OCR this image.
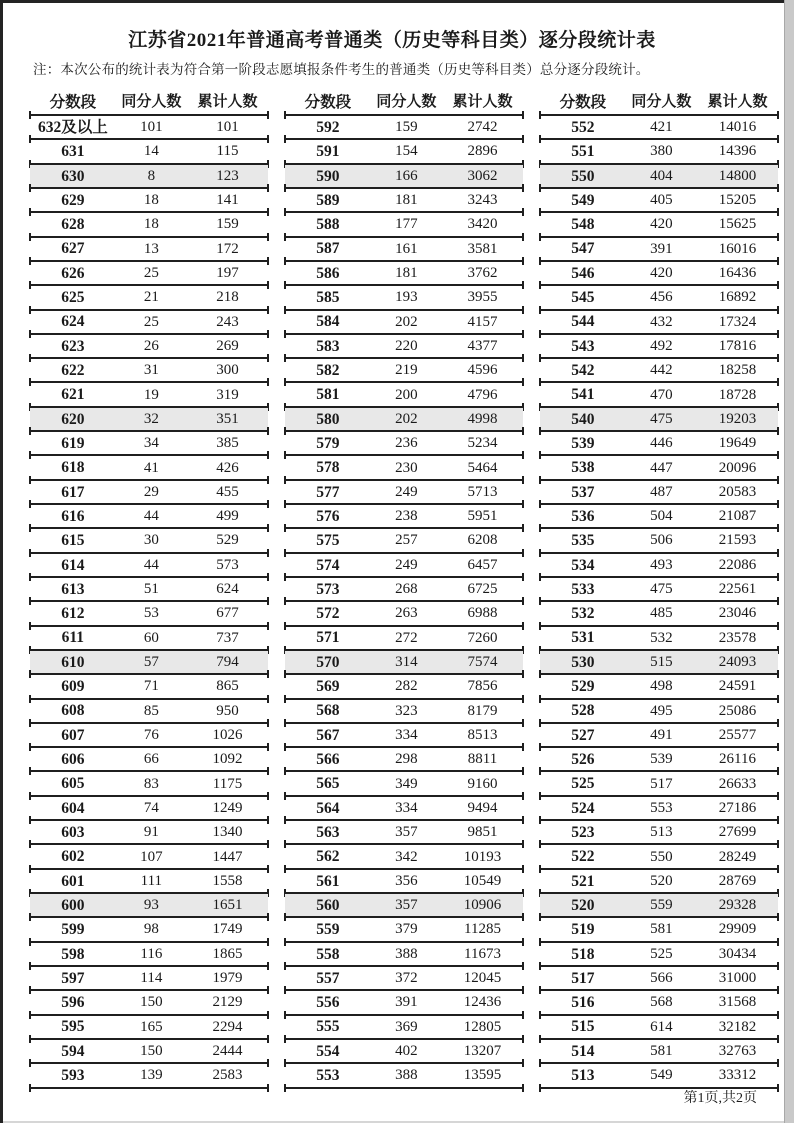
江苏省2021年普通高考普通类（历史等科目类）逐分段统计表
注：本次公布的统计表为符合第一阶段志愿填报条件考生的普通类（历史等科目类）总分逐分段统计。
分数段	同分人数	累计人数
632及以上	101	101
631	14	115
630	8	123
629	18	141
628	18	159
627	13	172
626	25	197
625	21	218
624	25	243
623	26	269
622	31	300
621	19	319
620	32	351
619	34	385
618	41	426
617	29	455
616	44	499
615	30	529
614	44	573
613	51	624
612	53	677
611	60	737
610	57	794
609	71	865
608	85	950
607	76	1026
606	66	1092
605	83	1175
604	74	1249
603	91	1340
602	107	1447
601	111	1558
600	93	1651
599	98	1749
598	116	1865
597	114	1979
596	150	2129
595	165	2294
594	150	2444
593	139	2583
分数段	同分人数	累计人数
592	159	2742
591	154	2896
590	166	3062
589	181	3243
588	177	3420
587	161	3581
586	181	3762
585	193	3955
584	202	4157
583	220	4377
582	219	4596
581	200	4796
580	202	4998
579	236	5234
578	230	5464
577	249	5713
576	238	5951
575	257	6208
574	249	6457
573	268	6725
572	263	6988
571	272	7260
570	314	7574
569	282	7856
568	323	8179
567	334	8513
566	298	8811
565	349	9160
564	334	9494
563	357	9851
562	342	10193
561	356	10549
560	357	10906
559	379	11285
558	388	11673
557	372	12045
556	391	12436
555	369	12805
554	402	13207
553	388	13595
分数段	同分人数	累计人数
552	421	14016
551	380	14396
550	404	14800
549	405	15205
548	420	15625
547	391	16016
546	420	16436
545	456	16892
544	432	17324
543	492	17816
542	442	18258
541	470	18728
540	475	19203
539	446	19649
538	447	20096
537	487	20583
536	504	21087
535	506	21593
534	493	22086
533	475	22561
532	485	23046
531	532	23578
530	515	24093
529	498	24591
528	495	25086
527	491	25577
526	539	26116
525	517	26633
524	553	27186
523	513	27699
522	550	28249
521	520	28769
520	559	29328
519	581	29909
518	525	30434
517	566	31000
516	568	31568
515	614	32182
514	581	32763
513	549	33312
第1页,共2页
